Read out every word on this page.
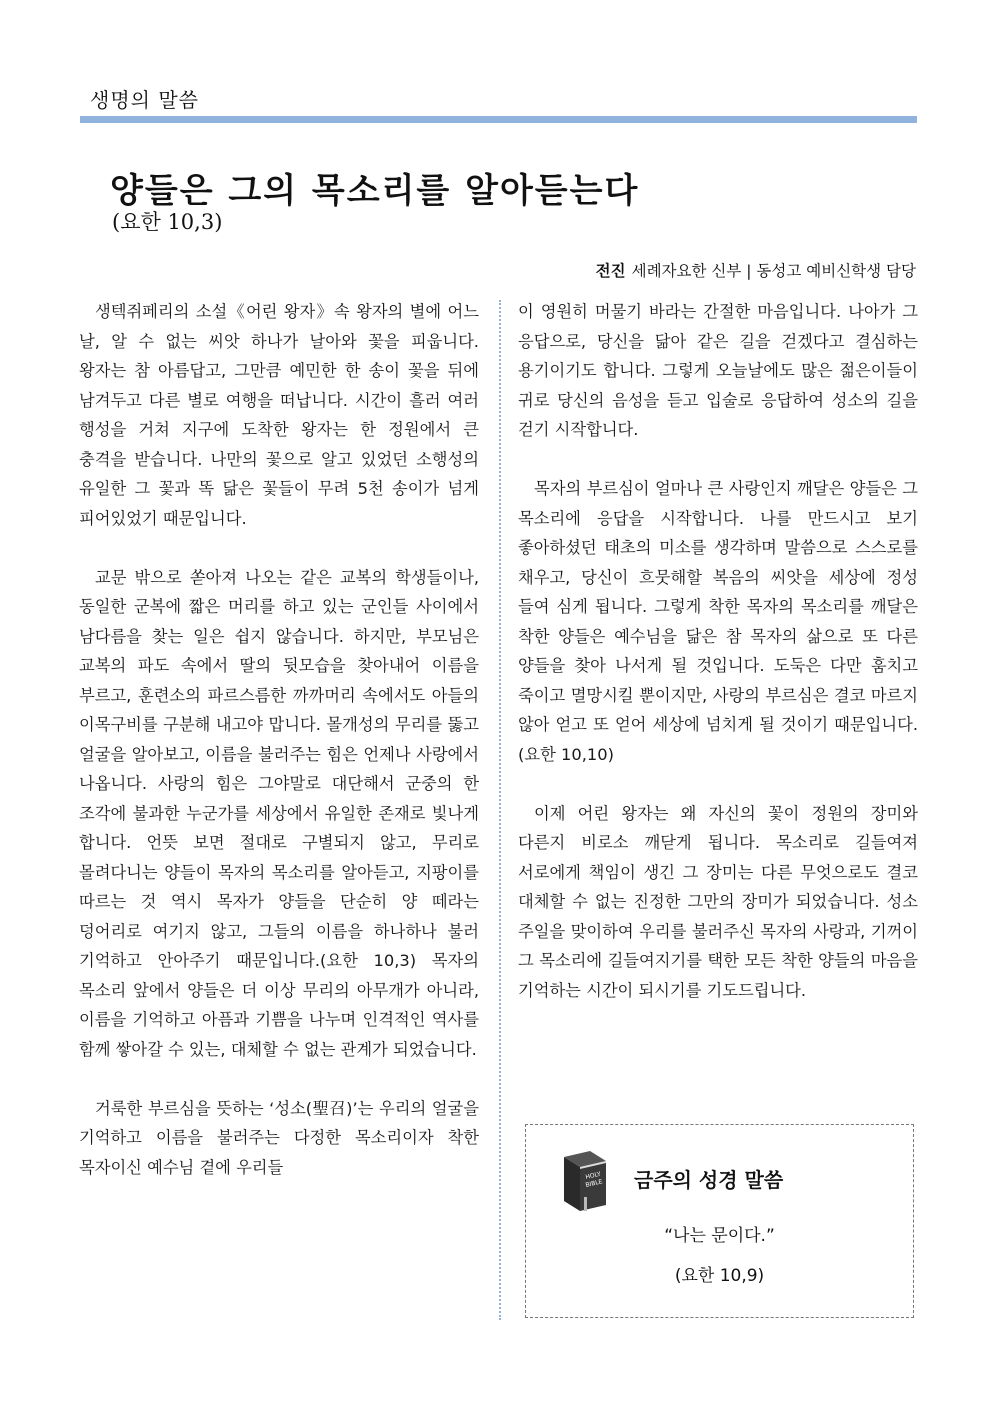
생명의 말씀
양들은 그의 목소리를 알아듣는다
(요한 10,3)
전진 세례자요한 신부 | 동성고 예비신학생 담당

생텍쥐페리의 소설《어린 왕자》속 왕자의 별에 어느 날, 알 수 없는 씨앗 하나가 날아와 꽃을 피웁니다. 왕자는 참 아름답고, 그만큼 예민한 한 송이 꽃을 뒤에 남겨두고 다른 별로 여행을 떠납니다. 시간이 흘러 여러 행성을 거쳐 지구에 도착한 왕자는 한 정원에서 큰 충격을 받습니다. 나만의 꽃으로 알고 있었던 소행성의 유일한 그 꽃과 똑 닮은 꽃들이 무려 5천 송이가 넘게 피어있었기 때문입니다.

교문 밖으로 쏟아져 나오는 같은 교복의 학생들이나, 동일한 군복에 짧은 머리를 하고 있는 군인들 사이에서 남다름을 찾는 일은 쉽지 않습니다. 하지만, 부모님은 교복의 파도 속에서 딸의 뒷모습을 찾아내어 이름을 부르고, 훈련소의 파르스름한 까까머리 속에서도 아들의 이목구비를 구분해 내고야 맙니다. 몰개성의 무리를 뚫고 얼굴을 알아보고, 이름을 불러주는 힘은 언제나 사랑에서 나옵니다. 사랑의 힘은 그야말로 대단해서 군중의 한 조각에 불과한 누군가를 세상에서 유일한 존재로 빛나게 합니다. 언뜻 보면 절대로 구별되지 않고, 무리로 몰려다니는 양들이 목자의 목소리를 알아듣고, 지팡이를 따르는 것 역시 목자가 양들을 단순히 양 떼라는 덩어리로 여기지 않고, 그들의 이름을 하나하나 불러 기억하고 안아주기 때문입니다.(요한 10,3) 목자의 목소리 앞에서 양들은 더 이상 무리의 아무개가 아니라, 이름을 기억하고 아픔과 기쁨을 나누며 인격적인 역사를 함께 쌓아갈 수 있는, 대체할 수 없는 관계가 되었습니다.

거룩한 부르심을 뜻하는 ‘성소(聖召)’는 우리의 얼굴을 기억하고 이름을 불러주는 다정한 목소리이자 착한 목자이신 예수님 곁에 우리들

이 영원히 머물기 바라는 간절한 마음입니다. 나아가 그 응답으로, 당신을 닮아 같은 길을 걷겠다고 결심하는 용기이기도 합니다. 그렇게 오늘날에도 많은 젊은이들이 귀로 당신의 음성을 듣고 입술로 응답하여 성소의 길을 걷기 시작합니다.

목자의 부르심이 얼마나 큰 사랑인지 깨달은 양들은 그 목소리에 응답을 시작합니다. 나를 만드시고 보기 좋아하셨던 태초의 미소를 생각하며 말씀으로 스스로를 채우고, 당신이 흐뭇해할 복음의 씨앗을 세상에 정성 들여 심게 됩니다. 그렇게 착한 목자의 목소리를 깨달은 착한 양들은 예수님을 닮은 참 목자의 삶으로 또 다른 양들을 찾아 나서게 될 것입니다. 도둑은 다만 훔치고 죽이고 멸망시킬 뿐이지만, 사랑의 부르심은 결코 마르지 않아 얻고 또 얻어 세상에 넘치게 될 것이기 때문입니다.(요한 10,10)

이제 어린 왕자는 왜 자신의 꽃이 정원의 장미와 다른지 비로소 깨닫게 됩니다. 목소리로 길들여져 서로에게 책임이 생긴 그 장미는 다른 무엇으로도 결코 대체할 수 없는 진정한 그만의 장미가 되었습니다. 성소 주일을 맞이하여 우리를 불러주신 목자의 사랑과, 기꺼이 그 목소리에 길들여지기를 택한 모든 착한 양들의 마음을 기억하는 시간이 되시기를 기도드립니다.

HOLY
BIBLE 금주의 성경 말씀
“나는 문이다.”
(요한 10,9)
